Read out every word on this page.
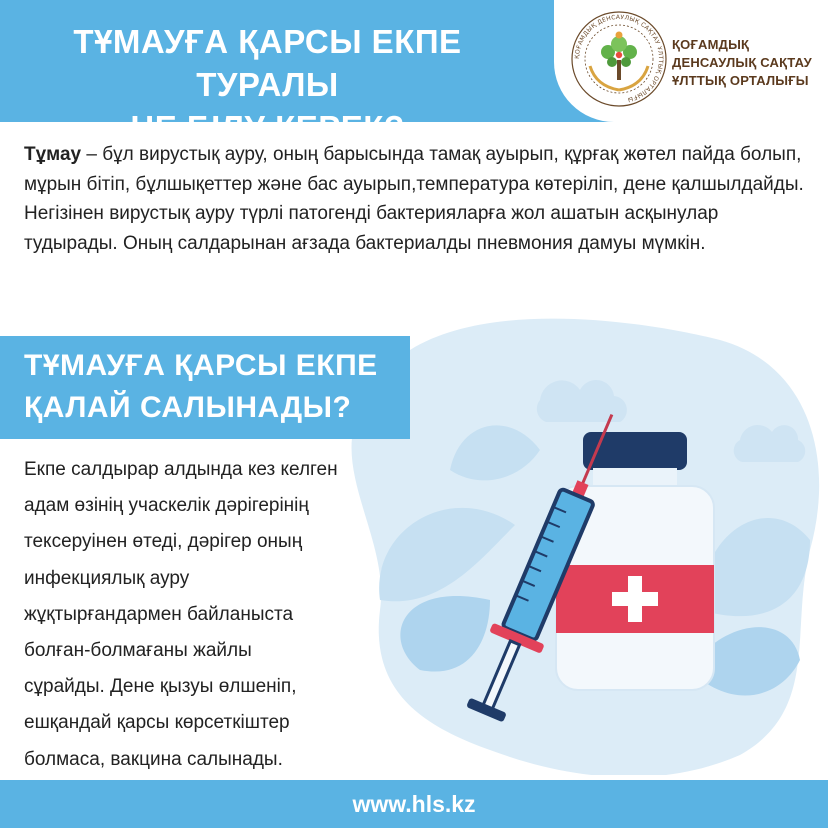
ТҰМАУҒА ҚАРСЫ ЕКПЕ ТУРАЛЫ
НЕ БІЛУ КЕРЕК?
ҚОҒАМДЫҚ ДЕНСАУЛЫҚ САҚТАУ ҰЛТТЫҚ ОРТАЛЫҒЫ
ҚОҒАМДЫҚ
ДЕНСАУЛЫҚ САҚТАУ
ҰЛТТЫҚ ОРТАЛЫҒЫ

Тұмау – бұл вирустық ауру, оның барысында тамақ ауырып, құрғақ жөтел пайда болып, мұрын бітіп, бұлшықеттер және бас ауырып,температура көтеріліп, дене қалшылдайды. Негізінен вирустық ауру түрлі патогенді бактерияларға жол ашатын асқынулар тудырады. Оның салдарынан ағзада бактериалды пневмония дамуы мүмкін.

ТҰМАУҒА ҚАРСЫ ЕКПЕ
ҚАЛАЙ САЛЫНАДЫ?

Екпе салдырар алдында кез келген
адам өзінің учаскелік дәрігерінің
тексеруінен өтеді, дәрігер оның
инфекциялық ауру
жұқтырғандармен байланыста
болған-болмағаны жайлы
сұрайды. Дене қызуы өлшеніп,
ешқандай қарсы көрсеткіштер
болмаса, вакцина салынады.

www.hls.kz
